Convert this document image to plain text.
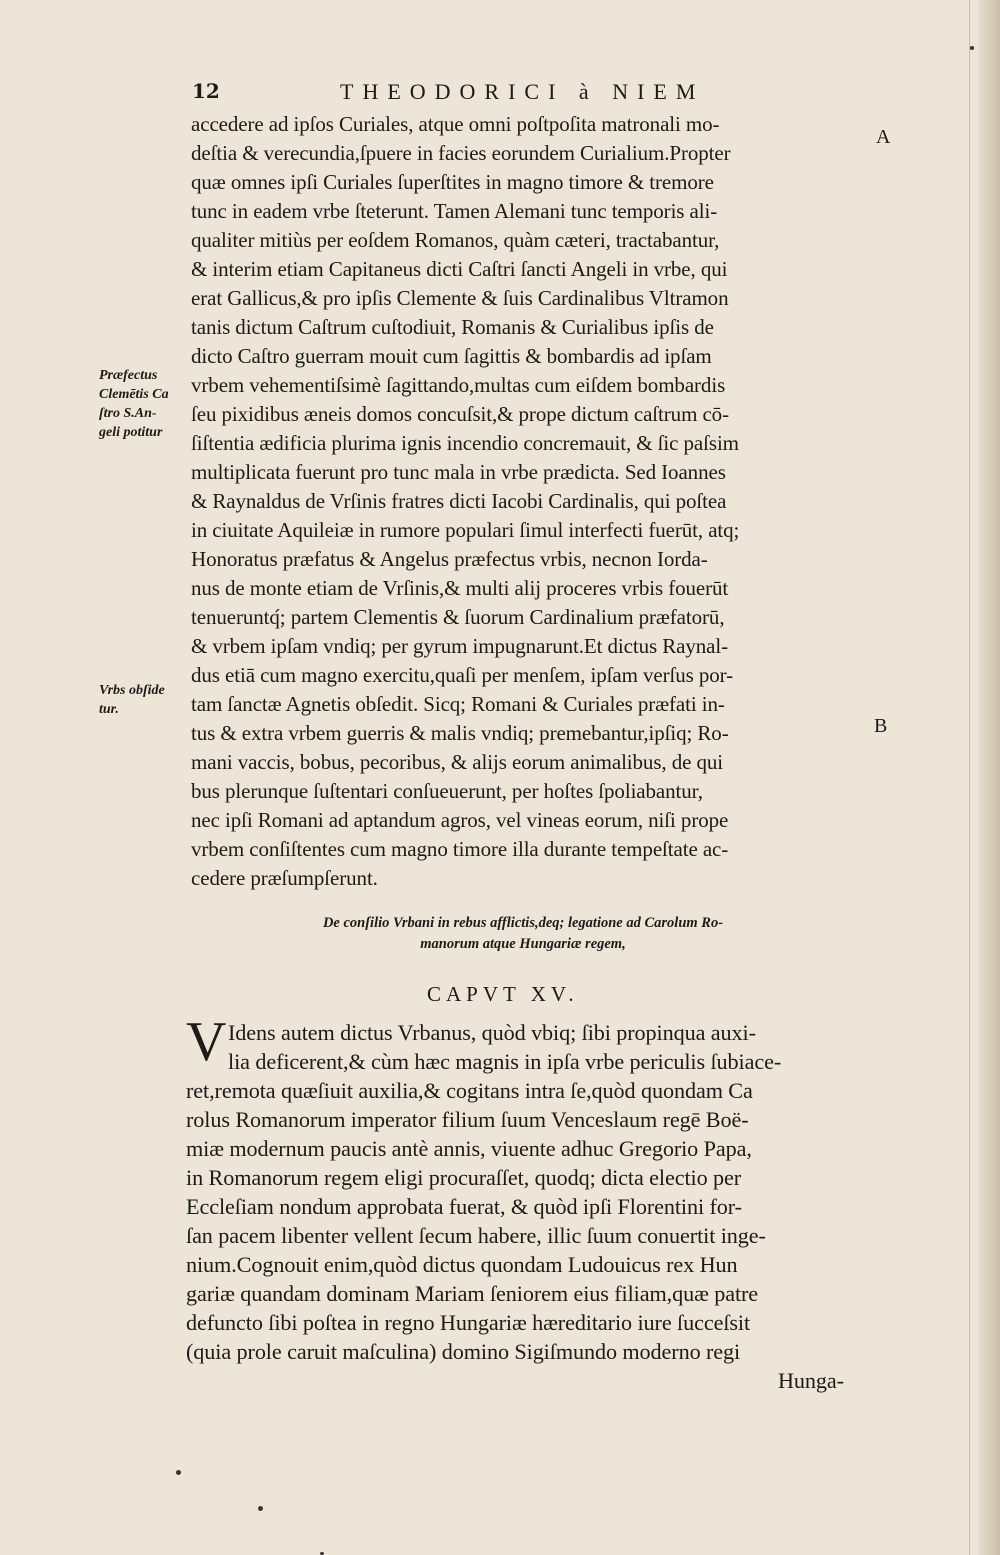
12	THEODORICI à NIEM
A
B
Præfectus
Clemētis Ca
ſtro S.An-
geli potitur
Vrbs obſide
tur.
accedere ad ipſos Curiales, atque omni poſtpoſita matronali mo-
deſtia & verecundia,ſpuere in facies eorundem Curialium.Propter
quæ omnes ipſi Curiales ſuperſtites in magno timore & tremore
tunc in eadem vrbe ſteterunt. Tamen Alemani tunc temporis ali-
qualiter mitiùs per eoſdem Romanos, quàm cæteri, tractabantur,
& interim etiam Capitaneus dicti Caſtri ſancti Angeli in vrbe, qui
erat Gallicus,& pro ipſis Clemente & ſuis Cardinalibus Vltramon
tanis dictum Caſtrum cuſtodiuit, Romanis & Curialibus ipſis de
dicto Caſtro guerram mouit cum ſagittis & bombardis ad ipſam
vrbem vehementiſsimè ſagittando,multas cum eiſdem bombardis
ſeu pixidibus æneis domos concuſsit,& prope dictum caſtrum cō-
ſiſtentia ædificia plurima ignis incendio concremauit, & ſic paſsim
multiplicata fuerunt pro tunc mala in vrbe prædicta. Sed Ioannes
& Raynaldus de Vrſinis fratres dicti Iacobi Cardinalis, qui poſtea
in ciuitate Aquileiæ in rumore populari ſimul interfecti fuerūt, atq;
Honoratus præfatus & Angelus præfectus vrbis, necnon Iorda-
nus de monte etiam de Vrſinis,& multi alij proceres vrbis fouerūt
tenueruntq́; partem Clementis & ſuorum Cardinalium præfatorū,
& vrbem ipſam vndiq; per gyrum impugnarunt.Et dictus Raynal-
dus etiā cum magno exercitu,quaſi per menſem, ipſam verſus por-
tam ſanctæ Agnetis obſedit. Sicq; Romani & Curiales præfati in-
tus & extra vrbem guerris & malis vndiq; premebantur,ipſiq; Ro-
mani vaccis, bobus, pecoribus, & alijs eorum animalibus, de qui
bus plerunque ſuſtentari conſueuerunt, per hoſtes ſpoliabantur,
nec ipſi Romani ad aptandum agros, vel vineas eorum, niſi prope
vrbem conſiſtentes cum magno timore illa durante tempeſtate ac-
cedere præſumpſerunt.
De conſilio Vrbani in rebus afflictis,deq; legatione ad Carolum Ro-
manorum atque Hungariæ regem,
CAPVT XV.
V Idens autem dictus Vrbanus, quòd vbiq; ſibi propinqua auxi-
lia deficerent,& cùm hæc magnis in ipſa vrbe periculis ſubiace-
ret,remota quæſiuit auxilia,& cogitans intra ſe,quòd quondam Ca
rolus Romanorum imperator filium ſuum Venceslaum regē Boë-
miæ modernum paucis antè annis, viuente adhuc Gregorio Papa,
in Romanorum regem eligi procuraſſet, quodq; dicta electio per
Eccleſiam nondum approbata fuerat, & quòd ipſi Florentini for-
ſan pacem libenter vellent ſecum habere, illic ſuum conuertit inge-
nium.Cognouit enim,quòd dictus quondam Ludouicus rex Hun
gariæ quandam dominam Mariam ſeniorem eius filiam,quæ patre
defuncto ſibi poſtea in regno Hungariæ hæreditario iure ſucceſsit
(quia prole caruit maſculina) domino Sigiſmundo moderno regi
Hunga-
